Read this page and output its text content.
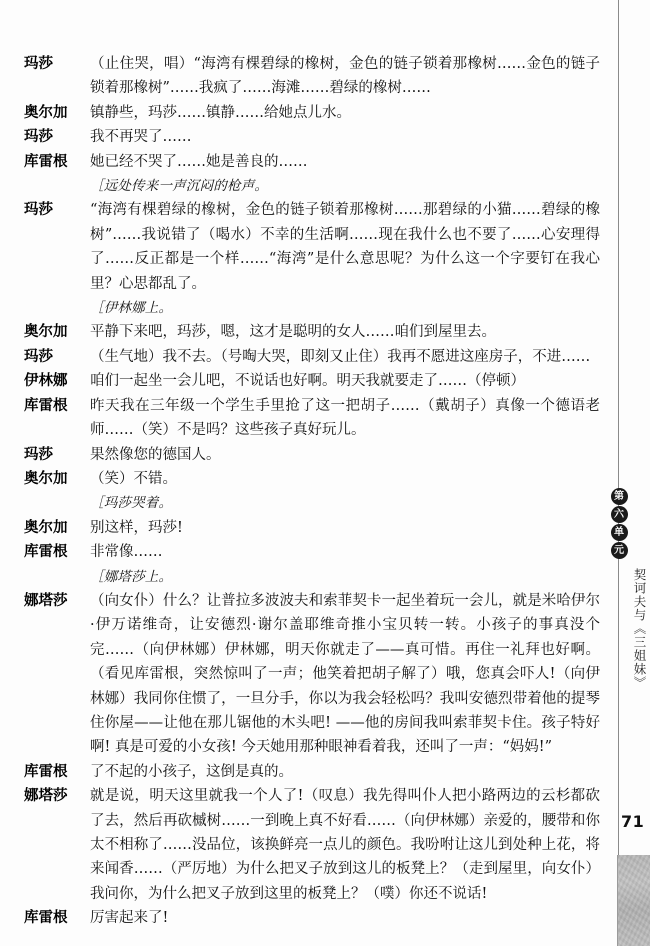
玛莎	（止住哭，唱）“海湾有棵碧绿的橡树，金色的链子锁着那橡树……金色的链子锁着那橡树”……我疯了……海滩……碧绿的橡树……
奥尔加	镇静些，玛莎……镇静……给她点儿水。
玛莎	我不再哭了……
库雷根	她已经不哭了……她是善良的……
［远处传来一声沉闷的枪声。
玛莎	“海湾有棵碧绿的橡树，金色的链子锁着那橡树……那碧绿的小猫……碧绿的橡树”……我说错了（喝水）不幸的生活啊……现在我什么也不要了……心安理得了……反正都是一个样……“海湾”是什么意思呢？为什么这一个字要钉在我心里？心思都乱了。
［伊林娜上。
奥尔加	平静下来吧，玛莎，嗯，这才是聪明的女人……咱们到屋里去。
玛莎	（生气地）我不去。（号啕大哭，即刻又止住）我再不愿进这座房子，不进……
伊林娜	咱们一起坐一会儿吧，不说话也好啊。明天我就要走了……（停顿）
库雷根	昨天我在三年级一个学生手里抢了这一把胡子……（戴胡子）真像一个德语老师……（笑）不是吗？这些孩子真好玩儿。
玛莎	果然像您的德国人。
奥尔加	（笑）不错。
［玛莎哭着。
奥尔加	别这样，玛莎!
库雷根	非常像……
［娜塔莎上。
娜塔莎	（向女仆）什么？让普拉多波波夫和索菲契卡一起坐着玩一会儿，就是米哈伊尔·伊万诺维奇，让安德烈·谢尔盖耶维奇推小宝贝转一转。小孩子的事真没个完……（向伊林娜）伊林娜，明天你就走了——真可惜。再住一礼拜也好啊。（看见库雷根，突然惊叫了一声；他笑着把胡子解了）哦，您真会吓人!（向伊林娜）我同你住惯了，一旦分手，你以为我会轻松吗？我叫安德烈带着他的提琴住你屋——让他在那儿锯他的木头吧! ——他的房间我叫索菲契卡住。孩子特好啊! 真是可爱的小女孩! 今天她用那种眼神看着我，还叫了一声：“妈妈!”
库雷根	了不起的小孩子，这倒是真的。
娜塔莎	就是说，明天这里就我一个人了!（叹息）我先得叫仆人把小路两边的云杉都砍了去，然后再砍槭树……一到晚上真不好看……（向伊林娜）亲爱的，腰带和你太不相称了……没品位，该换鲜亮一点儿的颜色。我吩咐让这儿到处种上花，将来闻香……（严厉地）为什么把叉子放到这儿的板凳上？（走到屋里，向女仆）我问你，为什么把叉子放到这里的板凳上？（噗）你还不说话!
库雷根	厉害起来了!
第
六
单
元
契诃夫与《三姐妹》
71
